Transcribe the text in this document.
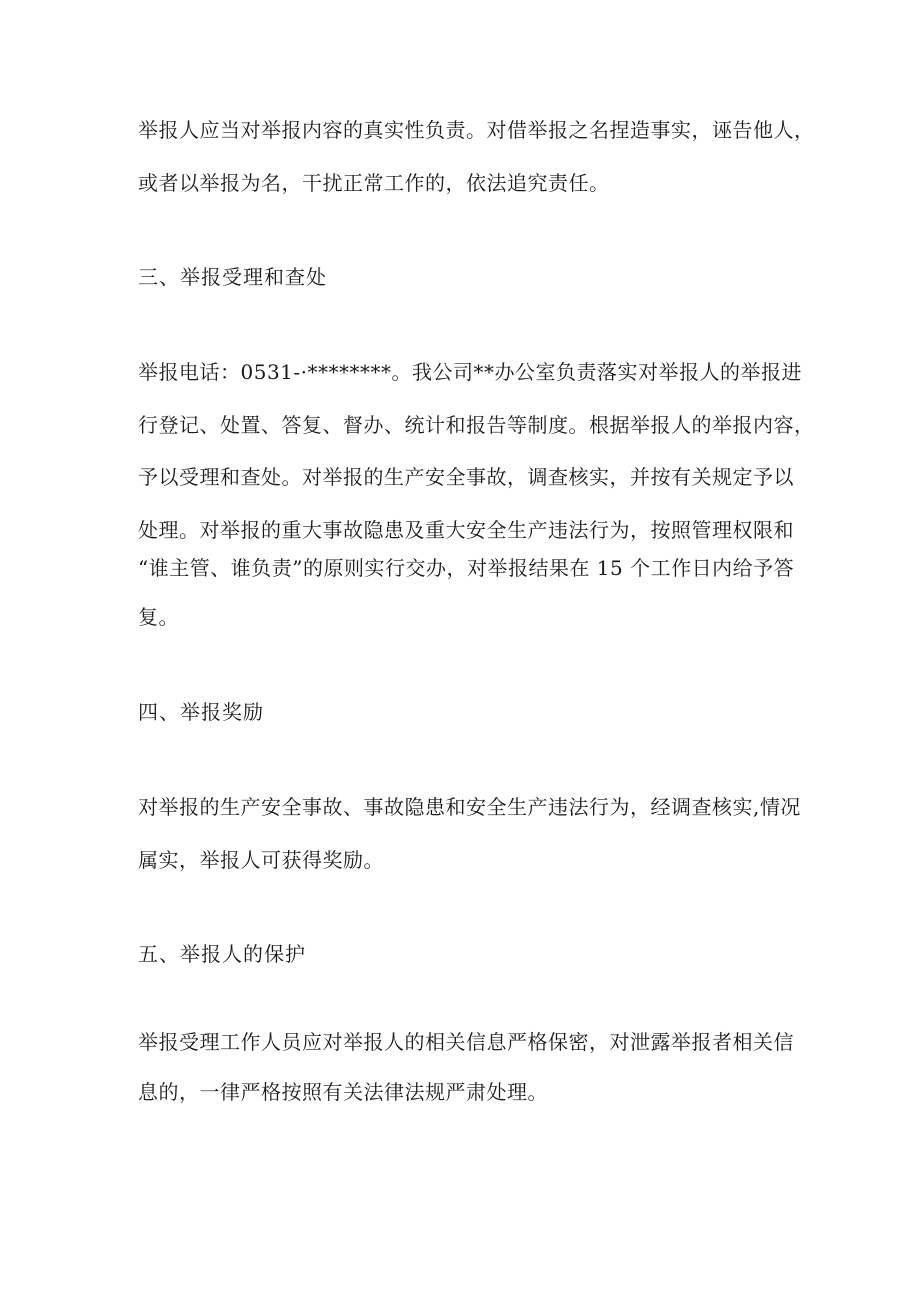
举报人应当对举报内容的真实性负责。对借举报之名捏造事实，诬告他人，
或者以举报为名，干扰正常工作的，依法追究责任。
三、举报受理和查处
举报电话：0531-·********。我公司**办公室负责落实对举报人的举报进
行登记、处置、答复、督办、统计和报告等制度。根据举报人的举报内容，
予以受理和查处。对举报的生产安全事故，调查核实，并按有关规定予以
处理。对举报的重大事故隐患及重大安全生产违法行为，按照管理权限和
“谁主管、谁负责”的原则实行交办，对举报结果在 15 个工作日内给予答
复。
四、举报奖励
对举报的生产安全事故、事故隐患和安全生产违法行为，经调查核实,情况
属实，举报人可获得奖励。
五、举报人的保护
举报受理工作人员应对举报人的相关信息严格保密，对泄露举报者相关信
息的，一律严格按照有关法律法规严肃处理。
